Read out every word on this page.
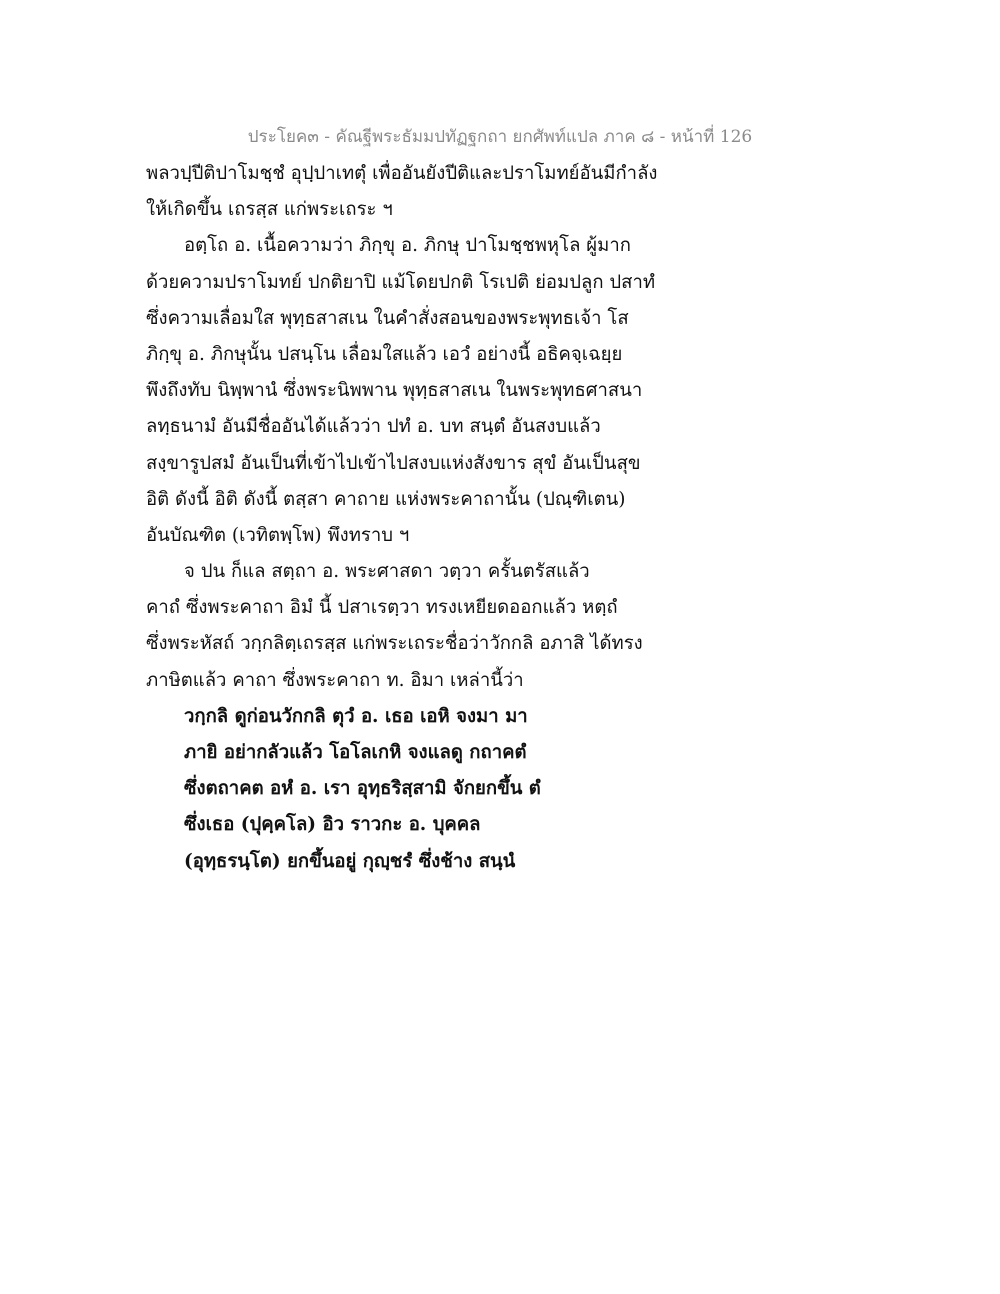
ประโยค๓ - คัณฐีพระธัมมปทัฏฐกถา ยกศัพท์แปล ภาค ๘ - หน้าที่ 126
พลวปฺปีติปาโมชฺชํ อุปฺปาเทตุํ เพื่ออันยังปีติและปราโมทย์อันมีกำลัง
ให้เกิดขึ้น เถรสฺส แก่พระเถระ ฯ
อตฺโถ อ. เนื้อความว่า ภิกฺขุ อ. ภิกษุ ปาโมชฺชพหุโล ผู้มาก
ด้วยความปราโมทย์ ปกติยาปิ แม้โดยปกติ โรเปติ ย่อมปลูก ปสาทํ
ซึ่งความเลื่อมใส พุทฺธสาสเน ในคำสั่งสอนของพระพุทธเจ้า โส
ภิกฺขุ อ. ภิกษุนั้น ปสนฺโน เลื่อมใสแล้ว เอวํ อย่างนี้ อธิคจฺเฉยฺย
พึงถึงทับ นิพฺพานํ ซึ่งพระนิพพาน พุทฺธสาสเน ในพระพุทธศาสนา
ลทฺธนามํ อันมีชื่ออันได้แล้วว่า ปทํ อ. บท สนฺตํ อันสงบแล้ว
สงฺขารูปสมํ อันเป็นที่เข้าไปเข้าไปสงบแห่งสังขาร สุขํ อันเป็นสุข
อิติ ดังนี้ อิติ ดังนี้ ตสฺสา คาถาย แห่งพระคาถานั้น (ปณฺฑิเตน)
อันบัณฑิต (เวทิตพฺโพ) พึงทราบ ฯ
จ ปน ก็แล สตฺถา อ. พระศาสดา วตฺวา ครั้นตรัสแล้ว
คาถํ ซึ่งพระคาถา อิมํ นี้ ปสาเรตฺวา ทรงเหยียดออกแล้ว หตฺถํ
ซึ่งพระหัสถ์ วกฺกลิตฺเถรสฺส แก่พระเถระชื่อว่าวักกลิ อภาสิ ได้ทรง
ภาษิตแล้ว คาถา ซึ่งพระคาถา ท. อิมา เหล่านี้ว่า
วกฺกลิ ดูก่อนวักกลิ ตุวํ อ. เธอ เอหิ จงมา มา
ภายิ อย่ากลัวแล้ว โอโลเกหิ จงแลดู กถาคตํ
ซึ่งตถาคต อหํ อ. เรา อุทฺธริสฺสามิ จักยกขึ้น ตํ
ซึ่งเธอ (ปุคฺคโล) อิว ราวกะ อ. บุคคล
(อุทฺธรนฺโต) ยกขึ้นอยู่ กุญฺชรํ ซึ่งช้าง สนฺนํ
